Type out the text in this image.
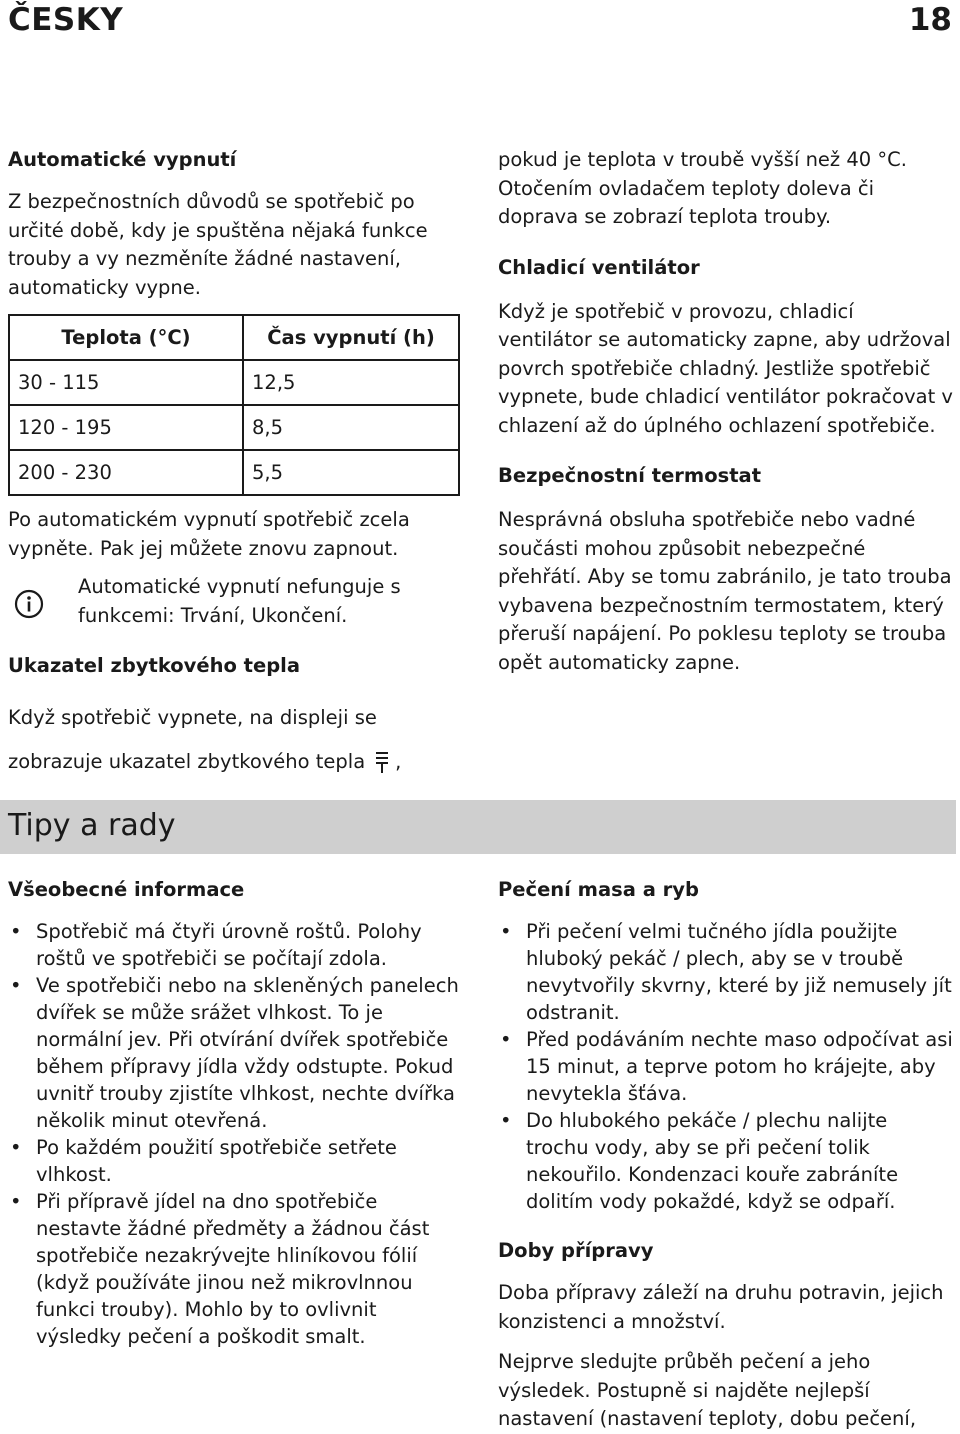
ČESKY	18
Automatické vypnutí

Z bezpečnostních důvodů se spotřebič po určité době, kdy je spuštěna nějaká funkce trouby a vy nezměníte žádné nastavení, automaticky vypne.

Teplota (°C)	Čas vypnutí (h)
30 - 115	12,5
120 - 195	8,5
200 - 230	5,5

Po automatickém vypnutí spotřebič zcela vypněte. Pak jej můžete znovu zapnout.

Automatické vypnutí nefunguje s funkcemi: Trvání, Ukončení.

Ukazatel zbytkového tepla

Když spotřebič vypnete, na displeji se zobrazuje ukazatel zbytkového tepla ,

pokud je teplota v troubě vyšší než 40 °C. Otočením ovladačem teploty doleva či doprava se zobrazí teplota trouby.

Chladicí ventilátor

Když je spotřebič v provozu, chladicí ventilátor se automaticky zapne, aby udržoval povrch spotřebiče chladný. Jestliže spotřebič vypnete, bude chladicí ventilátor pokračovat v chlazení až do úplného ochlazení spotřebiče.

Bezpečnostní termostat

Nesprávná obsluha spotřebiče nebo vadné součásti mohou způsobit nebezpečné přehřátí. Aby se tomu zabránilo, je tato trouba vybavena bezpečnostním termostatem, který přeruší napájení. Po poklesu teploty se trouba opět automaticky zapne.

Tipy a rady
Všeobecné informace
• Spotřebič má čtyři úrovně roštů. Polohy roštů ve spotřebiči se počítají zdola.
• Ve spotřebiči nebo na skleněných panelech dvířek se může srážet vlhkost. To je normální jev. Při otvírání dvířek spotřebiče během přípravy jídla vždy odstupte. Pokud uvnitř trouby zjistíte vlhkost, nechte dvířka několik minut otevřená.
• Po každém použití spotřebiče setřete vlhkost.
• Při přípravě jídel na dno spotřebiče nestavte žádné předměty a žádnou část spotřebiče nezakrývejte hliníkovou fólií (když používáte jinou než mikrovlnnou funkci trouby). Mohlo by to ovlivnit výsledky pečení a poškodit smalt.
Pečení masa a ryb
• Při pečení velmi tučného jídla použijte hluboký pekáč / plech, aby se v troubě nevytvořily skvrny, které by již nemusely jít odstranit.
• Před podáváním nechte maso odpočívat asi 15 minut, a teprve potom ho krájejte, aby nevytekla šťáva.
• Do hlubokého pekáče / plechu nalijte trochu vody, aby se při pečení tolik nekouřilo. Kondenzaci kouře zabráníte dolitím vody pokaždé, když se odpaří.
Doby přípravy

Doba přípravy záleží na druhu potravin, jejich konzistenci a množství.

Nejprve sledujte průběh pečení a jeho výsledek. Postupně si najděte nejlepší nastavení (nastavení teploty, dobu pečení,
